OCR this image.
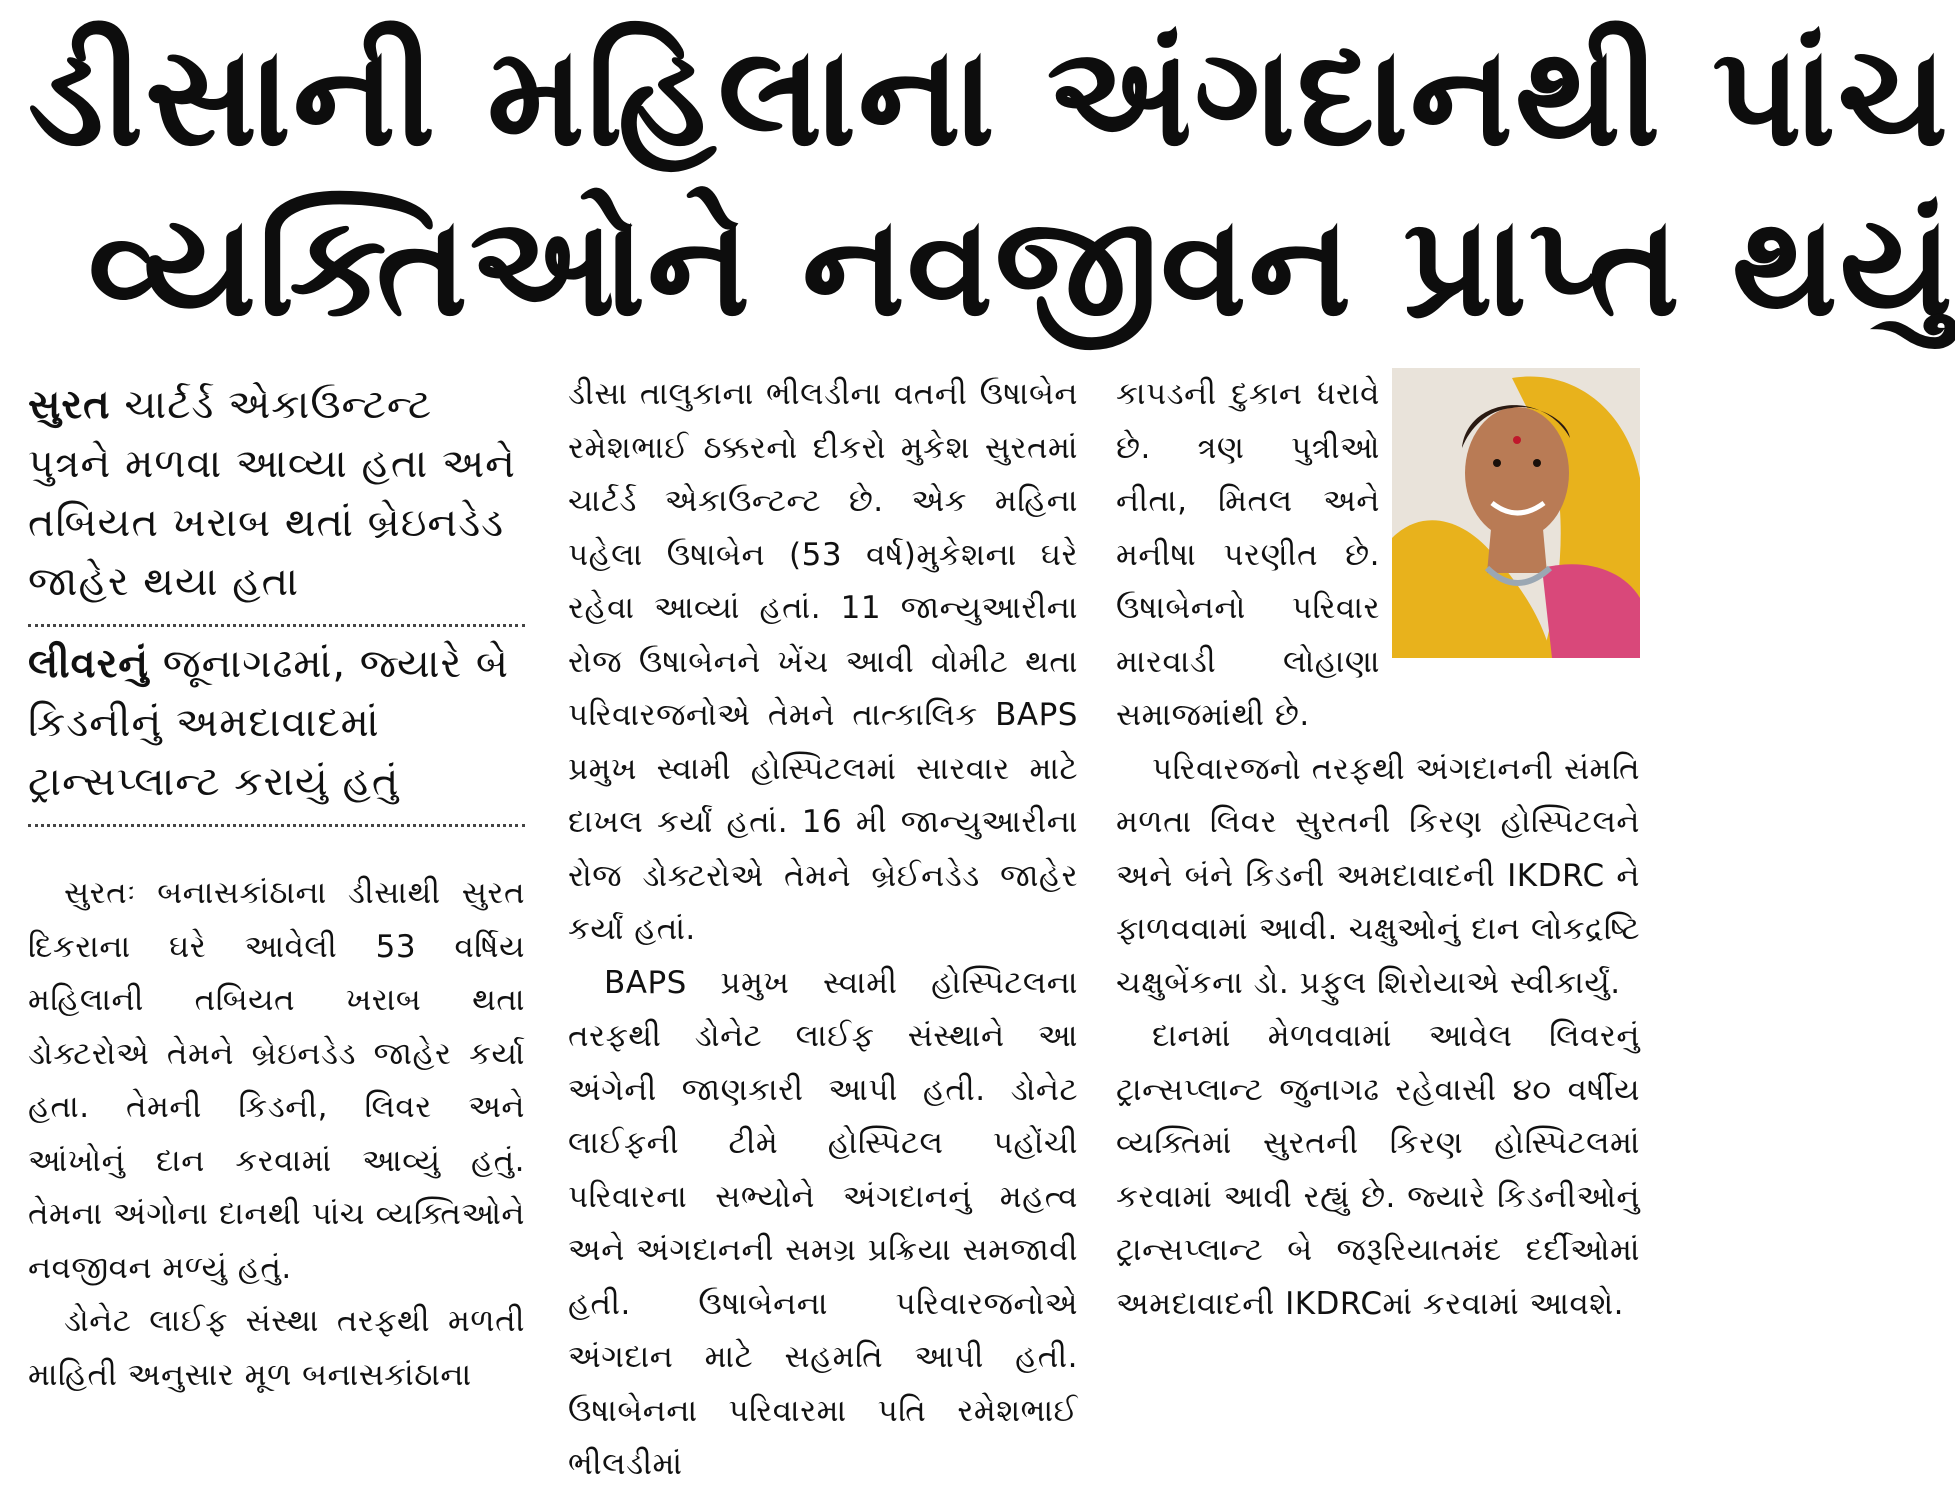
ડીસાની મહિલાના અંગદાનથી પાંચ
વ્યક્તિઓને નવજીવન પ્રાપ્ત થયું

સુરત ચાર્ટર્ડ એકાઉન્ટન્ટ પુત્રને મળવા આવ્યા હતા અને તબિયત ખરાબ થતાં બ્રેઇનડેડ જાહેર થયા હતા

લીવરનું જૂનાગઢમાં, જ્યારે બે કિડનીનું અમદાવાદમાં ટ્રાન્સપ્લાન્ટ કરાયું હતું

સુરતઃ બનાસકાંઠાના ડીસાથી સુરત દિકરાના ઘરે આવેલી 53 વર્ષિય મહિલાની તબિયત ખરાબ થતા ડોક્ટરોએ તેમને બ્રેઇનડેડ જાહેર કર્યા હતા. તેમની કિડની, લિવર અને આંખોનું દાન કરવામાં આવ્યું હતું. તેમના અંગોના દાનથી પાંચ વ્યક્તિઓને નવજીવન મળ્યું હતું.

ડોનેટ લાઈફ સંસ્થા તરફથી મળતી માહિતી અનુસાર મૂળ બનાસકાંઠાના

ડીસા તાલુકાના ભીલડીના વતની ઉષાબેન રમેશભાઈ ઠક્કરનો દીકરો મુકેશ સુરતમાં ચાર્ટર્ડ એકાઉન્ટન્ટ છે. એક મહિના પહેલા ઉષાબેન (53 વર્ષ)મુકેશના ઘરે રહેવા આવ્યાં હતાં. 11 જાન્યુઆરીના રોજ ઉષાબેનને ખેંચ આવી વોમીટ થતા પરિવારજનોએ તેમને તાત્કાલિક BAPS પ્રમુખ સ્વામી હોસ્પિટલમાં સારવાર માટે દાખલ કર્યાં હતાં. 16 મી જાન્યુઆરીના રોજ ડોક્ટરોએ તેમને બ્રેઈનડેડ જાહેર કર્યાં હતાં.

BAPS પ્રમુખ સ્વામી હોસ્પિટલના તરફથી ડોનેટ લાઈફ સંસ્થાને આ અંગેની જાણકારી આપી હતી. ડોનેટ લાઈફની ટીમે હોસ્પિટલ પહોંચી પરિવારના સભ્યોને અંગદાનનું મહત્વ અને અંગદાનની સમગ્ર પ્રક્રિયા સમજાવી હતી. ઉષાબેનના પરિવારજનોએ અંગદાન માટે સહમતિ આપી હતી. ઉષાબેનના પરિવારમા પતિ રમેશભાઈ ભીલડીમાં

કાપડની દુકાન ધરાવે છે. ત્રણ પુત્રીઓ નીતા, મિતલ અને મનીષા પરણીત છે. ઉષાબેનનો પરિવાર મારવાડી લોહાણા સમાજમાંથી છે.

પરિવારજનો તરફથી અંગદાનની સંમતિ મળતા લિવર સુરતની કિરણ હોસ્પિટલને અને બંને કિડની અમદાવાદની IKDRC ને ફાળવવામાં આવી. ચક્ષુઓનું દાન લોકદ્રષ્ટિ ચક્ષુબેંકના ડો. પ્રફુલ શિરોયાએ સ્વીકાર્યું.

દાનમાં મેળવવામાં આવેલ લિવરનું ટ્રાન્સપ્લાન્ટ જુનાગઢ રહેવાસી ૪૦ વર્ષીય વ્યક્તિમાં સુરતની કિરણ હોસ્પિટલમાં કરવામાં આવી રહ્યું છે. જ્યારે કિડનીઓનું ટ્રાન્સપ્લાન્ટ બે જરૂરિયાતમંદ દર્દીઓમાં અમદાવાદની IKDRCમાં કરવામાં આવશે.
